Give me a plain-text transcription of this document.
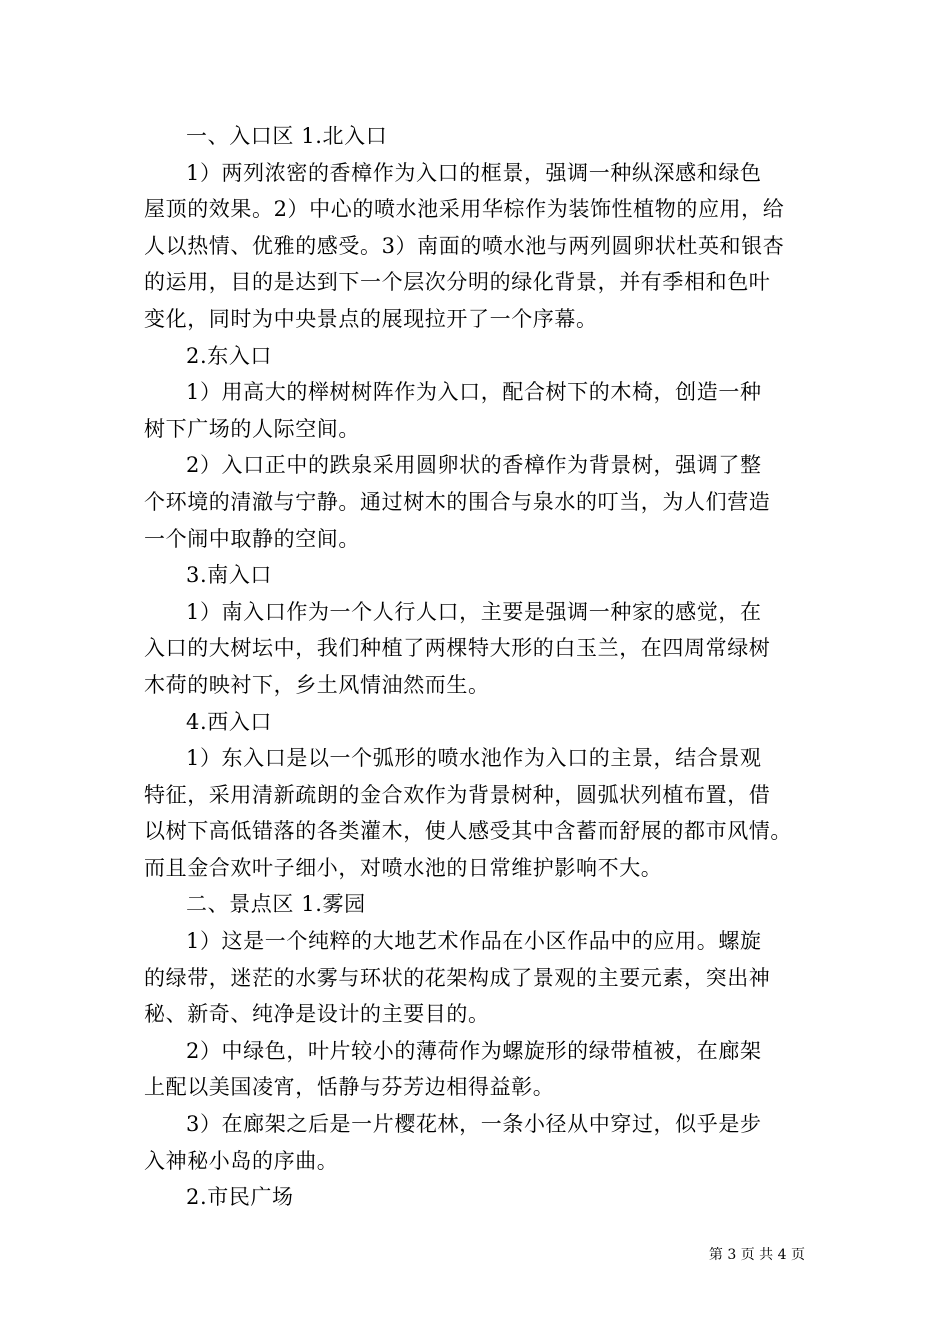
一、入口区 1.北入口
1）两列浓密的香樟作为入口的框景，强调一种纵深感和绿色
屋顶的效果。2）中心的喷水池采用华棕作为装饰性植物的应用，给
人以热情、优雅的感受。3）南面的喷水池与两列圆卵状杜英和银杏
的运用，目的是达到下一个层次分明的绿化背景，并有季相和色叶
变化，同时为中央景点的展现拉开了一个序幕。
2.东入口
1）用高大的榉树树阵作为入口，配合树下的木椅，创造一种
树下广场的人际空间。
2）入口正中的跌泉采用圆卵状的香樟作为背景树，强调了整
个环境的清澈与宁静。通过树木的围合与泉水的叮当，为人们营造
一个闹中取静的空间。
3.南入口
1）南入口作为一个人行人口，主要是强调一种家的感觉，在
入口的大树坛中，我们种植了两棵特大形的白玉兰，在四周常绿树
木荷的映衬下，乡土风情油然而生。
4.西入口
1）东入口是以一个弧形的喷水池作为入口的主景，结合景观
特征，采用清新疏朗的金合欢作为背景树种，圆弧状列植布置，借
以树下高低错落的各类灌木，使人感受其中含蓄而舒展的都市风情。
而且金合欢叶子细小，对喷水池的日常维护影响不大。
二、景点区 1.雾园
1）这是一个纯粹的大地艺术作品在小区作品中的应用。螺旋
的绿带，迷茫的水雾与环状的花架构成了景观的主要元素，突出神
秘、新奇、纯净是设计的主要目的。
2）中绿色，叶片较小的薄荷作为螺旋形的绿带植被，在廊架
上配以美国凌宵，恬静与芬芳边相得益彰。
3）在廊架之后是一片樱花林，一条小径从中穿过，似乎是步
入神秘小岛的序曲。
2.市民广场
第 3 页 共 4 页
